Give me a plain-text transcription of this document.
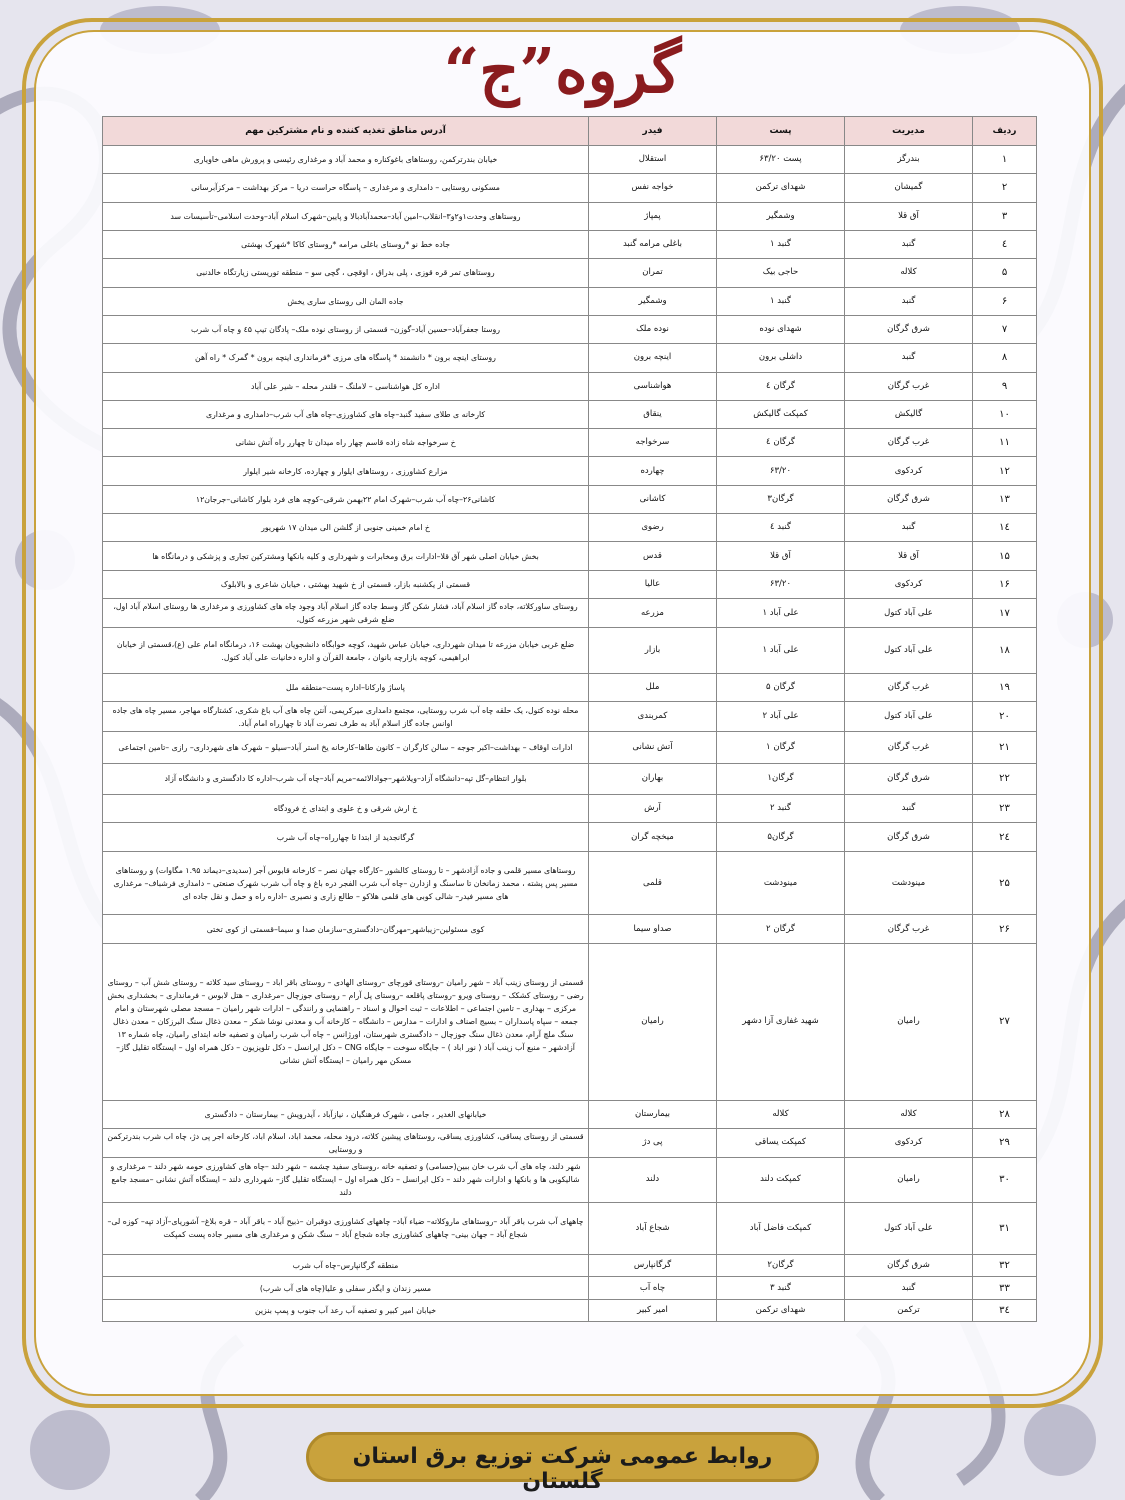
گروه”ج“
ردیف	مدیریت	پست	فیدر	آدرس مناطق تغذیه کننده و نام مشترکین مهم
۱	بندرگز	پست ۶۳/۲۰	استقلال	خیابان بندرترکمن، روستاهای باغوکناره و محمد آباد و مرغداری رئیسی و پرورش ماهی خاویاری
۲	گمیشان	شهدای ترکمن	خواجه نفس	مسکونی روستایی – دامداری و مرغداری – پاسگاه حراست دریا – مرکز بهداشت – مرکزآبرسانی
۳	آق قلا	وشمگیر	پمپاژ	روستاهای وحدت۱و۲و۳–انقلاب–امین آباد–محمدآبادبالا و پایین–شهرک اسلام آباد–وحدت اسلامی–تأسیسات سد
٤	گنبد	گنبد ۱	باغلی مرامه گنبد	جاده خط نو *روستای باغلی مرامه *روستای کاکا *شهرک بهشتی
۵	کلاله	حاجی بیک	تمران	روستاهای تمر قره قوزی ، پلی بدراق ، اوقچی ، گچی سو – منطقه توریستی زیارتگاه خالدنبی
۶	گنبد	گنبد ۱	وشمگیر	جاده المان الی روستای ساری یخش
۷	شرق گرگان	شهدای نوده	نوده ملک	روستا جعفرآباد–حسین آباد–گوزن– قسمتی از روستای نوده ملک– پادگان تیپ ٤۵ و چاه آب شرب
۸	گنبد	داشلی برون	اینچه برون	روستای اینچه برون * دانشمند * پاسگاه های مرزی *فرمانداری اینچه برون * گمرک * راه آهن
۹	غرب گرگان	گرگان ٤	هواشناسی	اداره کل هواشناسی – لاملنگ – قلندر محله – شیر علی آباد
۱۰	گالیکش	کمپکت گالیکش	ینقاق	کارخانه ی طلای سفید گنبد–چاه های کشاورزی–چاه های آب شرب–دامداری و مرغداری
۱۱	غرب گرگان	گرگان ٤	سرخواجه	خ سرخواجه شاه زاده قاسم چهار راه میدان تا چهارر راه آتش نشانی
۱۲	کردکوی	۶۳/۲۰	چهارده	مزارع کشاورزی ، روستاهای ایلوار و چهارده، کارخانه شیر ایلوار
۱۳	شرق گرگان	گرگان۳	کاشانی	کاشانی۲۶–چاه آب شرب–شهرک امام ۲۲بهمن شرقی–کوچه های فرد بلوار کاشانی–جرجان۱۲
۱٤	گنبد	گنبد ٤	رضوی	خ امام خمینی جنوبی از گلشن الی میدان ۱۷ شهریور
۱۵	آق قلا	آق قلا	قدس	بخش خیابان اصلی شهر آق قلا–ادارات برق ومخابرات و شهرداری و کلیه بانکها ومشترکین تجاری و پزشکی و درمانگاه ها
۱۶	کردکوی	۶۳/۲۰	عالیا	قسمتی از یکشنبه بازار، قسمتی از خ شهید بهشتی ، خیابان شاعری و بالابلوک
۱۷	علی آباد کتول	علی آباد ۱	مزرعه	روستای ساورکلاته، جاده گاز اسلام آباد، فشار شکن گاز وسط جاده گاز اسلام آباد وجود چاه های کشاورزی و مرغداری ها روستای اسلام آباد اول، ضلع شرقی شهر مزرعه کتول،
۱۸	علی آباد کتول	علی آباد ۱	بازار	ضلع غربی خیابان مزرعه تا میدان شهرداری، خیابان عباس شهید، کوچه خوابگاه دانشجویان بهشت ۱۶، درمانگاه امام علی (ع)،قسمتی از خیابان ابراهیمی، کوچه بازارچه بانوان ، جامعة القرآن و اداره دخانیات علی آباد کتول.
۱۹	غرب گرگان	گرگان ۵	ملل	پاساژ وارکانا–اداره پست–منطقه ملل
۲۰	علی آباد کتول	علی آباد ۲	کمربندی	محله نوده کتول، یک حلقه چاه آب شرب روستایی، مجتمع دامداری میرکریمی، آنتن چاه های آب باغ شکری، کشتارگاه مهاجر، مسیر چاه های جاده اوانس جاده گاز اسلام آباد به طرف نصرت آباد تا چهارراه امام آباد.
۲۱	غرب گرگان	گرگان ۱	آتش نشانی	ادارات اوقاف – بهداشت–اکبر جوجه – سالن کارگران – کانون طاها–کارخانه یخ استر آباد–سیلو – شهرک های شهرداری– رازی –تامین اجتماعی
۲۲	شرق گرگان	گرگان۱	بهاران	بلوار انتظام–گل تپه–دانشگاه آزاد–ویلاشهر–جوادالائمه–مریم آباد–چاه آب شرب–اداره کا دادگستری و دانشگاه آزاد
۲۳	گنبد	گنبد ۲	آرش	خ ارش شرقی و خ علوی و ابتدای خ فرودگاه
۲٤	شرق گرگان	گرگان۵	میخچه گران	گرگانجدید از ابتدا تا چهارراه–چاه آب شرب
۲۵	مینودشت	مینودشت	قلمی	روستاهای مسیر قلمی و جاده آزادشهر – تا روستای کالشور –کارگاه جهان نصر – کارخانه قابوس آجر (سدیدی–دیماند ۱.۹۵ مگاوات) و روستاهای مسیر پس پشته ، محمد زمانخان تا ساسنگ و ازدارن –چاه آب شرب الفجر دره باغ و چاه آب شرب شهرک صنعتی – دامداری فرشباف– مرغداری های مسیر فیدر– شالی کوبی های قلمی هلاکو – طالع زاری و نصیری –اداره راه و حمل و نقل جاده ای
۲۶	غرب گرگان	گرگان ۲	صداو سیما	کوی مسئولین–زیباشهر–مهرگان–دادگستری–سازمان صدا و سیما–قسمتی از کوی تختی
۲۷	رامیان	شهید غفاری آزا دشهر	رامیان	قسمتی از روستای زینب آباد – شهر رامیان –روستای قورچای –روستای الهادی – روستای باقر اباد – روستای سید کلاته – روستای شش آب – روستای رضی – روستای کشکک – روستای ویرو –روستای پاقلعه –روستای پل آرام – روستای جوزچال –مرغداری – هتل لابوس – فرمانداری – بخشداری بخش مرکزی – بهداری – تامین اجتماعی – اطلاعات – ثبت احوال و اسناد – راهنمایی و رانندگی – ادارات شهر رامیان – مسجد مصلی شهرستان و امام جمعه – سپاه پاسداران – بسیج اصناف و ادارات – مدارس – دانشگاه – کارخانه آب و معدنی نوشا شکر – معدن ذغال سنگ البرزکان – معدن ذغال سنگ ملچ آرام، معدن ذغال سنگ جوزچال – دادگستری شهرستان، اورژانس – چاه آب شرب رامیان و تصفیه خانه ابتدای رامیان، چاه شماره ۱۳ آزادشهر – منبع آب زینب آباد ( نور اباد ) – جایگاه سوخت – جایگاه CNG – دکل ایرانسل – دکل تلویزیون – دکل همراه اول – ایستگاه تقلیل گاز– مسکن مهر رامیان – ایستگاه آتش نشانی
۲۸	کلاله	کلاله	بیمارستان	خیابانهای الغدیر ، جامی ، شهرک فرهنگیان ، نیازآباد ، آیدرویش – بیمارستان – دادگستری
۲۹	کردکوی	کمپکت یساقی	پی دژ	قسمتی از روستای یساقی، کشاورزی یساقی، روستاهای پیشین کلاته، درود محله، محمد اباد، اسلام اباد، کارخانه اجر پی دژ، چاه اب شرب بندرترکمن و روستایی
۳۰	رامیان	کمپکت دلند	دلند	شهر دلند، چاه های آب شرب خان ببین(حسامی) و تصفیه خانه ،روستای سفید چشمه – شهر دلند –چاه های کشاورزی حومه شهر دلند – مرغداری و شالیکوبی ها و بانکها و ادارات شهر دلند – دکل ایرانسل – دکل همراه اول – ایستگاه تقلیل گاز– شهرداری دلند – ایستگاه آتش نشانی –مسجد جامع دلند
۳۱	علی آباد کتول	کمپکت فاضل آباد	شجاع آباد	چاههای آب شرب باقر آباد –روستاهای ماروکلاته– ضیاء آباد– چاههای کشاورزی دوقبران –ذبیح آباد – باقر آباد – قره بلاغ– آشوریای–آزاد تپه– کوزه لی– شجاع آباد – جهان بینی– چاههای کشاورزی جاده شجاع آباد – سنگ شکن و مرغداری های مسیر جاده پست کمپکت
۳۲	شرق گرگان	گرگان۲	گرگانپارس	منطقه گرگانپارس–چاه آب شرب
۳۳	گنبد	گنبد ۳	چاه آب	مسیر زندان و ایگدر سفلی و علیا(چاه های آب شرب)
۳٤	ترکمن	شهدای ترکمن	امیر کبیر	خیابان امیر کبیر و تصفیه آب رعد آب جنوب و پمپ بنزین
روابط عمومی شرکت توزیع برق استان گلستان
